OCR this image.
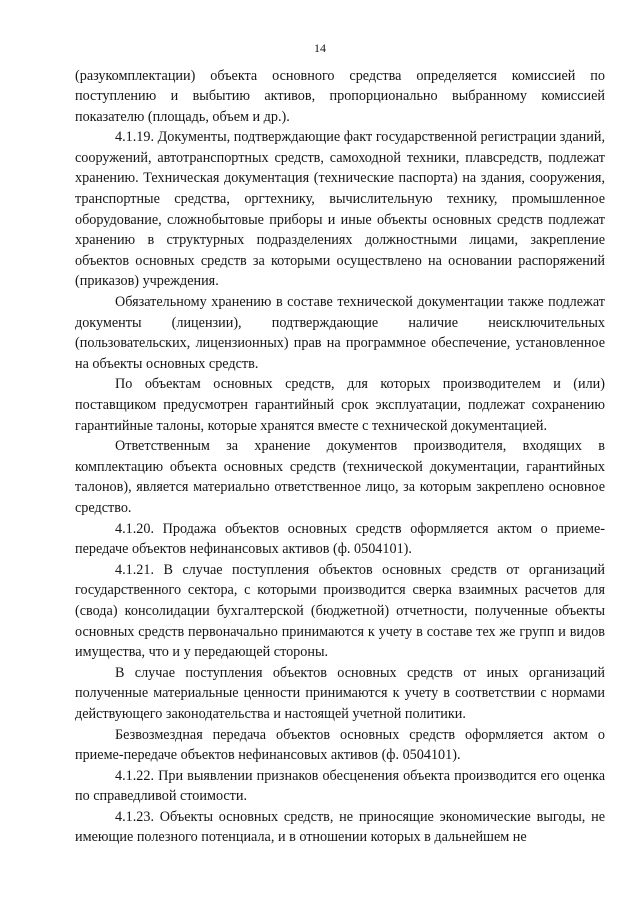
14

(разукомплектации) объекта основного средства определяется комиссией по поступлению и выбытию активов, пропорционально выбранному комиссией показателю (площадь, объем и др.).

4.1.19. Документы, подтверждающие факт государственной регистрации зданий, сооружений, автотранспортных средств, самоходной техники, плавсредств, подлежат хранению. Техническая документация (технические паспорта) на здания, сооружения, транспортные средства, оргтехнику, вычислительную технику, промышленное оборудование, сложнобытовые приборы и иные объекты основных средств подлежат хранению в структурных подразделениях должностными лицами, закрепление объектов основных средств за которыми осуществлено на основании распоряжений (приказов) учреждения.

Обязательному хранению в составе технической документации также подлежат документы (лицензии), подтверждающие наличие неисключительных (пользовательских, лицензионных) прав на программное обеспечение, установленное на объекты основных средств.

По объектам основных средств, для которых производителем и (или) поставщиком предусмотрен гарантийный срок эксплуатации, подлежат сохранению гарантийные талоны, которые хранятся вместе с технической документацией.

Ответственным за хранение документов производителя, входящих в комплектацию объекта основных средств (технической документации, гарантийных талонов), является материально ответственное лицо, за которым закреплено основное средство.

4.1.20. Продажа объектов основных средств оформляется актом о приеме-передаче объектов нефинансовых активов (ф. 0504101).

4.1.21. В случае поступления объектов основных средств от организаций государственного сектора, с которыми производится сверка взаимных расчетов для (свода) консолидации бухгалтерской (бюджетной) отчетности, полученные объекты основных средств первоначально принимаются к учету в составе тех же групп и видов имущества, что и у передающей стороны.

В случае поступления объектов основных средств от иных организаций полученные материальные ценности принимаются к учету в соответствии с нормами действующего законодательства и настоящей учетной политики.

Безвозмездная передача объектов основных средств оформляется актом о приеме-передаче объектов нефинансовых активов (ф. 0504101).

4.1.22. При выявлении признаков обесценения объекта производится его оценка по справедливой стоимости.

4.1.23. Объекты основных средств, не приносящие экономические выгоды, не имеющие полезного потенциала, и в отношении которых в дальнейшем не
